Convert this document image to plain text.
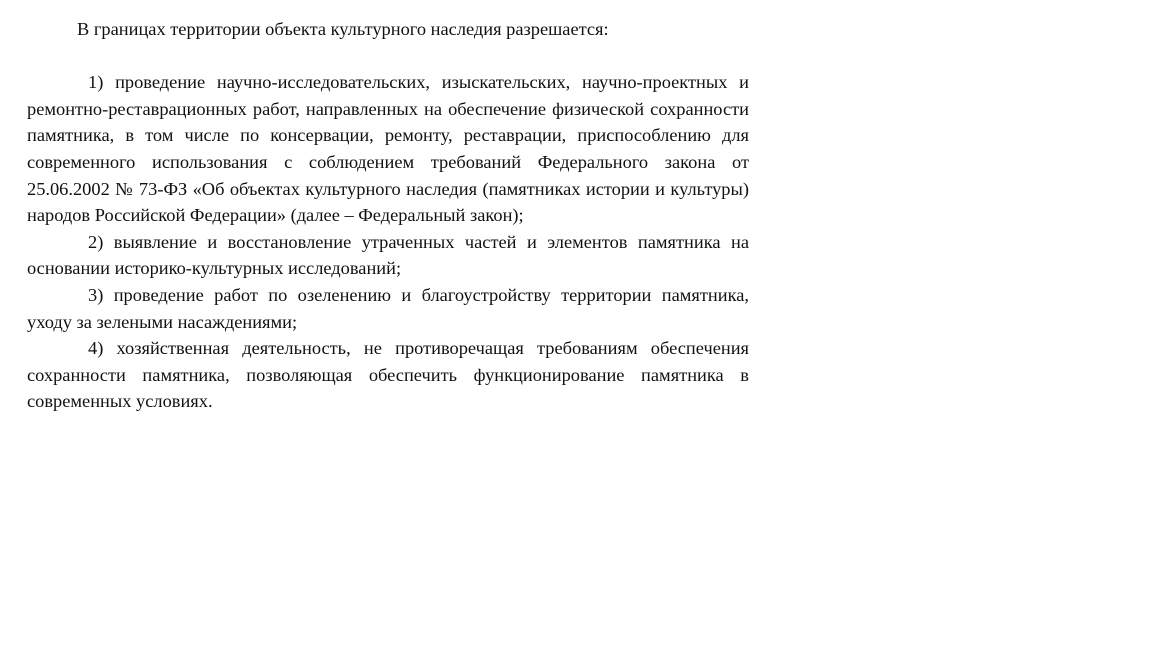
В границах территории объекта культурного наследия разрешается:

1) проведение научно-исследовательских, изыскательских, научно-проектных и ремонтно-реставрационных работ, направленных на обеспечение физической сохранности памятника, в том числе по консервации, ремонту, реставрации, приспособлению для современного использования с соблюдением требований Федерального закона от 25.06.2002 № 73-ФЗ «Об объектах культурного наследия (памятниках истории и культуры) народов Российской Федерации» (далее – Федеральный закон);

2) выявление и восстановление утраченных частей и элементов памятника на основании историко-культурных исследований;

3) проведение работ по озеленению и благоустройству территории памятника, уходу за зелеными насаждениями;

4) хозяйственная деятельность, не противоречащая требованиям обеспечения сохранности памятника, позволяющая обеспечить функционирование памятника в современных условиях.
